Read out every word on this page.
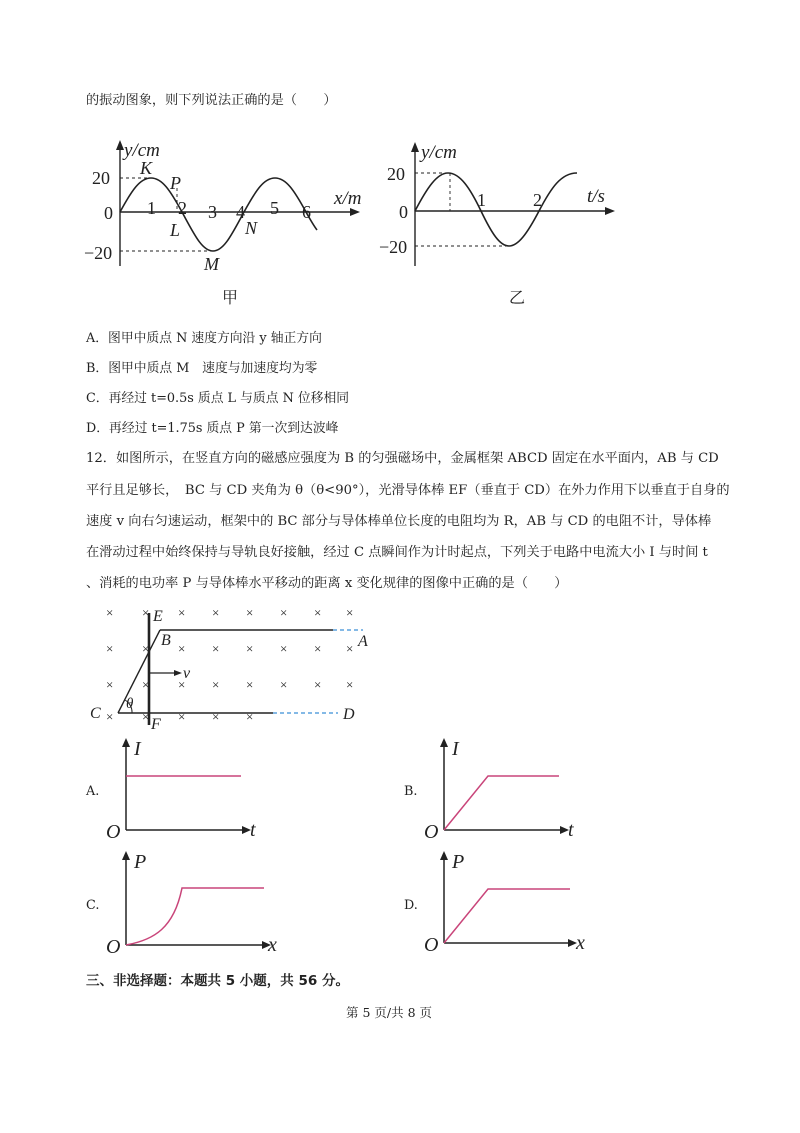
的振动图象，则下列说法正确的是（　　）
y/cm
x/m
20
−20
0 1 2 3 4 5 6
K
P
L
M
N
甲
y/cm
t/s
20
−20
0
1	2
乙
A．图甲中质点 N 速度方向沿 y 轴正方向
B．图甲中质点 M　速度与加速度均为零
C．再经过 t=0.5s 质点 L 与质点 N 位移相同
D．再经过 t=1.75s 质点 P 第一次到达波峰
12．如图所示，在竖直方向的磁感应强度为 B 的匀强磁场中，金属框架 ABCD 固定在水平面内，AB 与 CD
平行且足够长，　BC 与 CD 夹角为 θ（θ<90°），光滑导体棒 EF（垂直于 CD）在外力作用下以垂直于自身的
速度 v 向右匀速运动，框架中的 BC 部分与导体棒单位长度的电阻均为 R，AB 与 CD 的电阻不计，导体棒
在滑动过程中始终保持与导轨良好接触，经过 C 点瞬间作为计时起点，下列关于电路中电流大小 I 与时间 t
、消耗的电功率 P 与导体棒水平移动的距离 x 变化规律的图像中正确的是（　　）
× × × × × × × ×
× × × × × × × ×
× × × × × × × ×
× × × × ×
E
B	A
C
F
D
v
θ
A.	B.
C.	D.
I
t
O
I
t
O
P
x
O
P
x
O
三、非选择题：本题共 5 小题，共 56 分。
第 5 页/共 8 页
